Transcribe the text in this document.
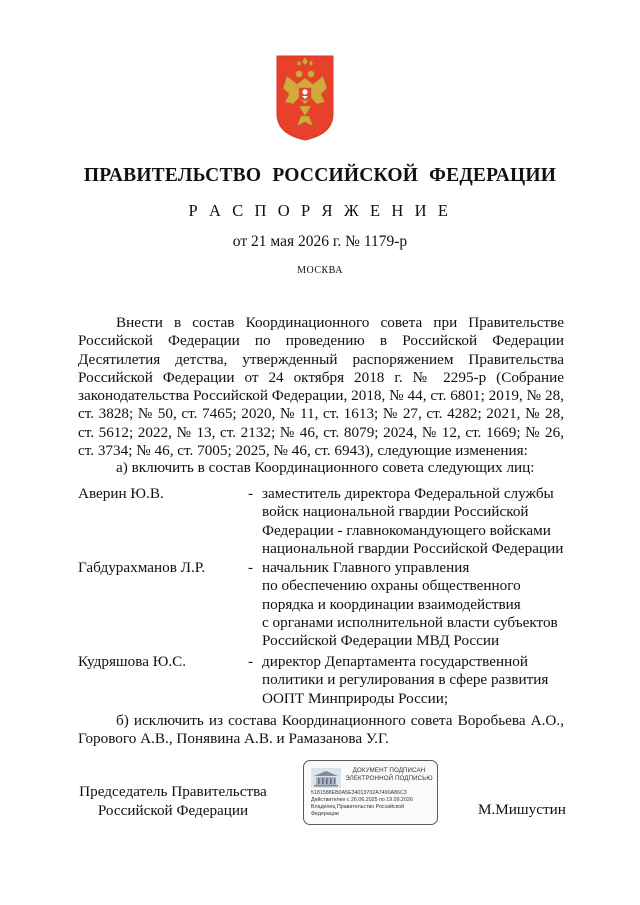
ПРАВИТЕЛЬСТВО РОССИЙСКОЙ ФЕДЕРАЦИИ
Р А С П О Р Я Ж Е Н И Е
от 21 мая 2026 г. № 1179-р
МОСКВА
Внести в состав Координационного совета при Правительстве Российской Федерации по проведению в Российской Федерации Десятилетия детства, утвержденный распоряжением Правительства Российской Федерации от 24 октября 2018 г. № 2295-р (Собрание законодательства Российской Федерации, 2018, № 44, ст. 6801; 2019, № 28, ст. 3828; № 50, ст. 7465; 2020, № 11, ст. 1613; № 27, ст. 4282; 2021, № 28, ст. 5612; 2022, № 13, ст. 2132; № 46, ст. 8079; 2024, № 12, ст. 1669; № 26, ст. 3734; № 46, ст. 7005; 2025, № 46, ст. 6943), следующие изменения:
а) включить в состав Координационного совета следующих лиц:
Аверин Ю.В.	- заместитель директора Федеральной службы
войск национальной гвардии Российской
Федерации - главнокомандующего войсками
национальной гвардии Российской Федерации
Габдурахманов Л.Р.	- начальник Главного управления
по обеспечению охраны общественного
порядка и координации взаимодействия
с органами исполнительной власти субъектов
Российской Федерации МВД России
Кудряшова Ю.С.	- директор Департамента государственной
политики и регулирования в сфере развития
ООПТ Минприроды России;
б) исключить из состава Координационного совета Воробьева А.О., Горового А.В., Понявина А.В. и Рамазанова У.Г.
Председатель Правительства Российской Федерации
ДОКУМЕНТ ПОДПИСАН ЭЛЕКТРОННОЙ ПОДПИСЬЮ
5181588EB0A5E34013702A7490A86C3
Действителен с 26.06.2025 по 19.09.2026
Владелец Правительство Российской Федерации	М.Мишустин
